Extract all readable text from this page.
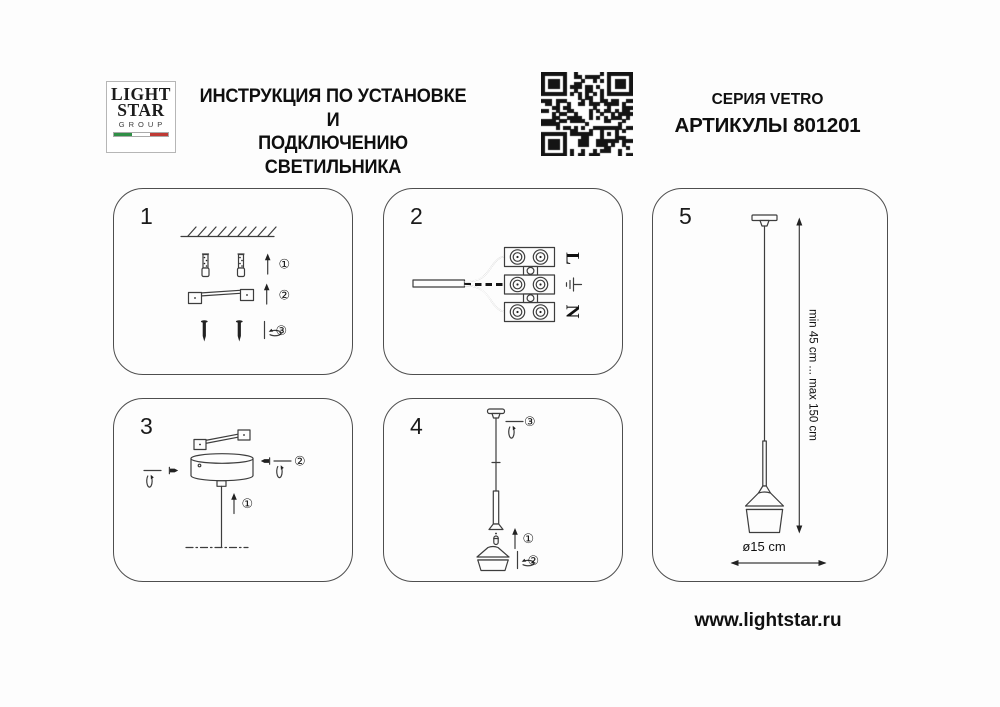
LIGHT
STAR
GROUP
ИНСТРУКЦИЯ ПО УСТАНОВКЕ И
ПОДКЛЮЧЕНИЮ СВЕТИЛЬНИКА
СЕРИЯ VETRO
АРТИКУЛЫ 801201
1
①
②
③
2
L
N
3
②
①
4	③
①
②
5
min 45 cm ... max 150 cm
ø15 cm
www.lightstar.ru
